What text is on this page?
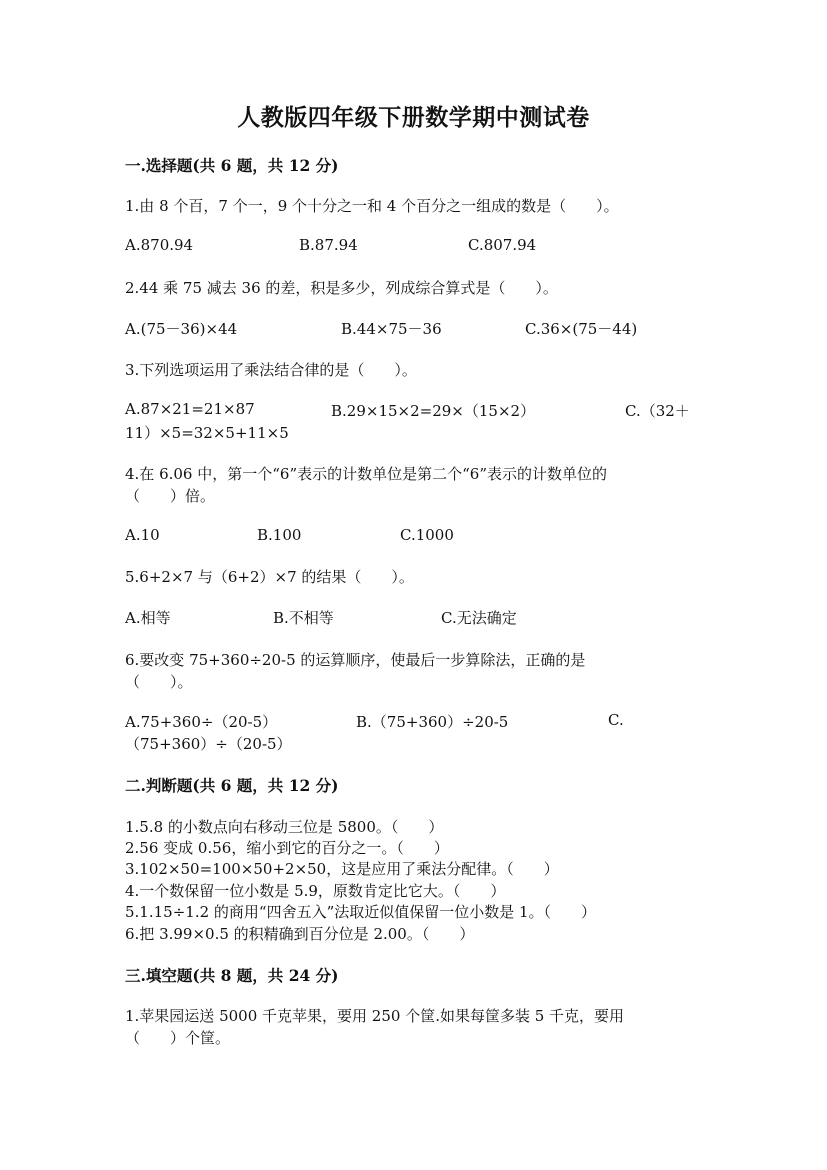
人教版四年级下册数学期中测试卷
一.选择题(共 6 题，共 12 分)
1.由 8 个百，7 个一，9 个十分之一和 4 个百分之一组成的数是（　　）。
A.870.94	B.87.94	C.807.94
2.44 乘 75 减去 36 的差，积是多少，列成综合算式是（　　）。
A.(75－36)×44	B.44×75－36	C.36×(75－44)
3.下列选项运用了乘法结合律的是（　　）。
A.87×21=21×87	B.29×15×2=29×（15×2）	C.（32＋
11）×5=32×5+11×5
4.在 6.06 中，第一个“6”表示的计数单位是第二个“6”表示的计数单位的
（　　）倍。
A.10	B.100	C.1000
5.6+2×7 与（6+2）×7 的结果（　　）。
A.相等	B.不相等	C.无法确定
6.要改变 75+360÷20-5 的运算顺序，使最后一步算除法，正确的是
（　　）。
A.75+360÷（20-5）	B.（75+360）÷20-5	C.
（75+360）÷（20-5）
二.判断题(共 6 题，共 12 分)
1.5.8 的小数点向右移动三位是 5800。（　　）
2.56 变成 0.56，缩小到它的百分之一。（　　）
3.102×50=100×50+2×50，这是应用了乘法分配律。（　　）
4.一个数保留一位小数是 5.9，原数肯定比它大。（　　）
5.1.15÷1.2 的商用“四舍五入”法取近似值保留一位小数是 1。（　　）
6.把 3.99×0.5 的积精确到百分位是 2.00。（　　）
三.填空题(共 8 题，共 24 分)
1.苹果园运送 5000 千克苹果，要用 250 个筐.如果每筐多装 5 千克，要用
（　　）个筐。
